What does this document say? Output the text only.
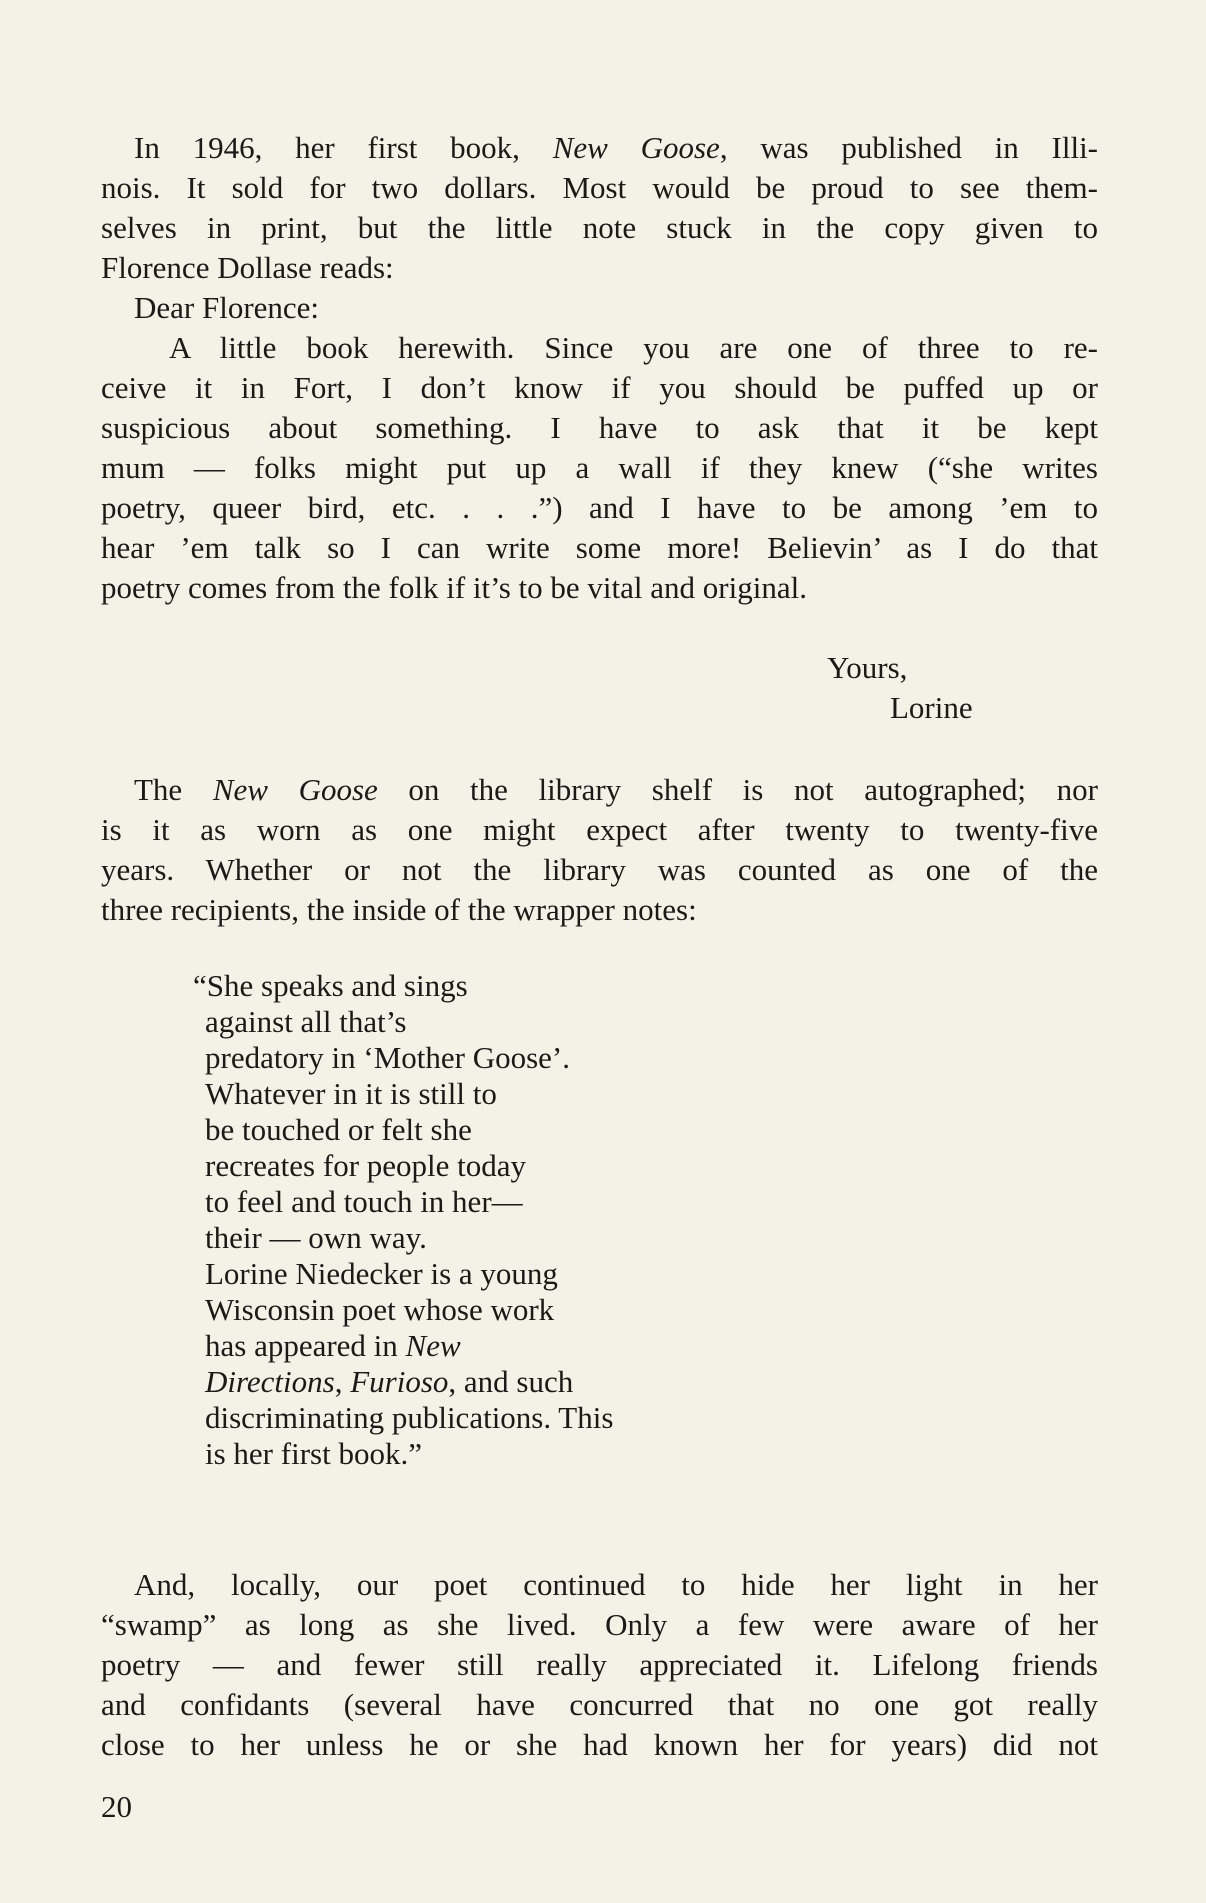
In 1946, her first book, New Goose, was published in Illi-

nois. It sold for two dollars. Most would be proud to see them-

selves in print, but the little note stuck in the copy given to

Florence Dollase reads:

Dear Florence:

A little book herewith. Since you are one of three to re-

ceive it in Fort, I don’t know if you should be puffed up or

suspicious about something. I have to ask that it be kept

mum — folks might put up a wall if they knew (“she writes

poetry, queer bird, etc. . . .”) and I have to be among ’em to

hear ’em talk so I can write some more! Believin’ as I do that

poetry comes from the folk if it’s to be vital and original.

Yours,
Lorine

The New Goose on the library shelf is not autographed; nor

is it as worn as one might expect after twenty to twenty-five

years. Whether or not the library was counted as one of the

three recipients, the inside of the wrapper notes:

“She speaks and sings
against all that’s
predatory in ‘Mother Goose’.
Whatever in it is still to
be touched or felt she
recreates for people today
to feel and touch in her—
their — own way.
Lorine Niedecker is a young
Wisconsin poet whose work
has appeared in New
Directions, Furioso, and such
discriminating publications. This
is her first book.”

And, locally, our poet continued to hide her light in her

“swamp” as long as she lived. Only a few were aware of her

poetry — and fewer still really appreciated it. Lifelong friends

and confidants (several have concurred that no one got really

close to her unless he or she had known her for years) did not

20
